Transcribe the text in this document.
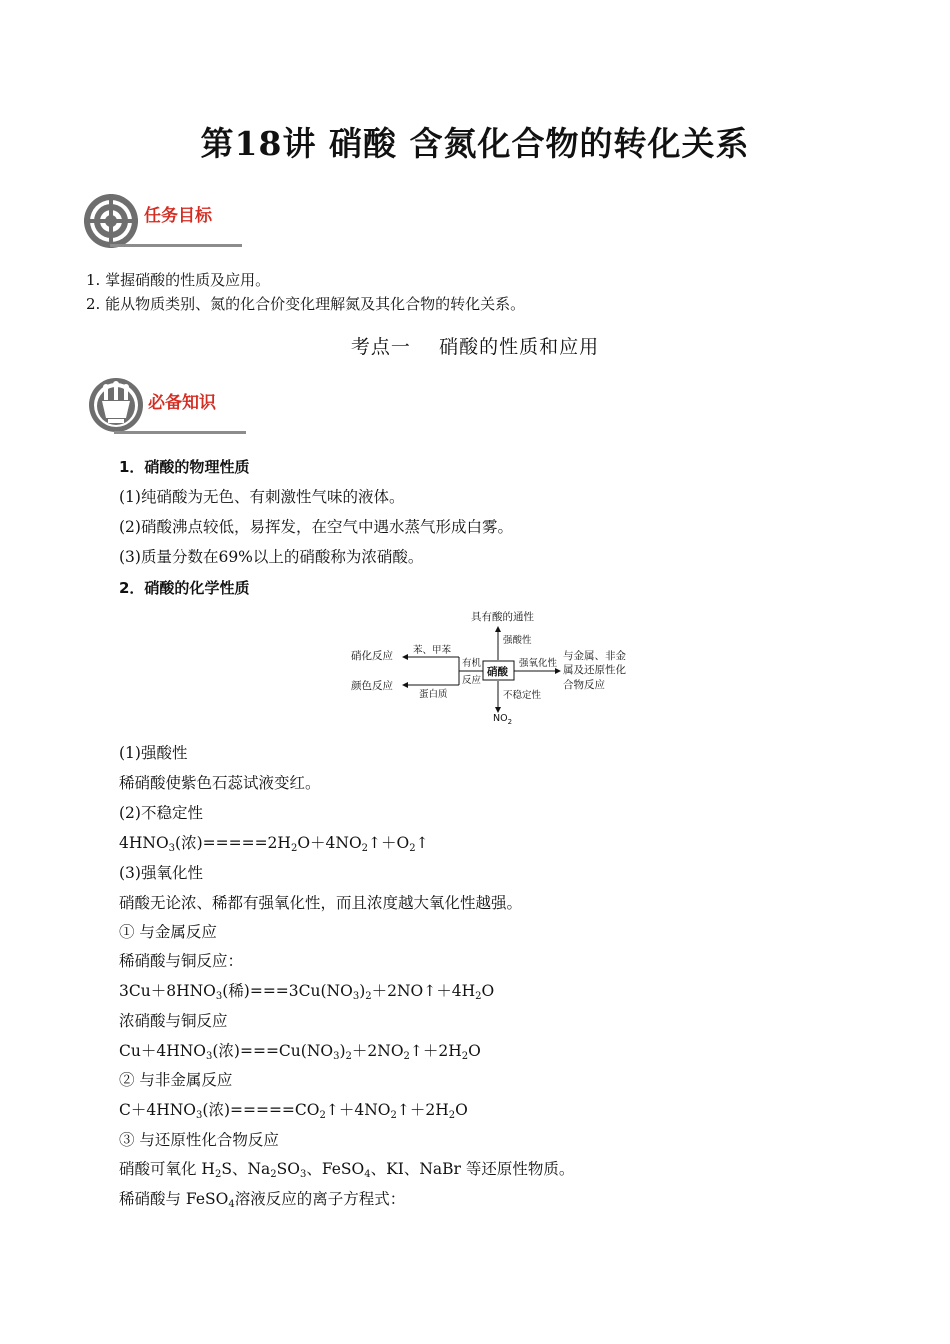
第18讲 硝酸 含氮化合物的转化关系
任务目标
1. 掌握硝酸的性质及应用。
2. 能从物质类别、氮的化合价变化理解氮及其化合物的转化关系。
考点一    硝酸的性质和应用
必备知识
1．硝酸的物理性质
(1)纯硝酸为无色、有刺激性气味的液体。
(2)硝酸沸点较低，易挥发，在空气中遇水蒸气形成白雾。
(3)质量分数在69%以上的硝酸称为浓硝酸。
2．硝酸的化学性质
具有酸的通性
强酸性
硝酸
硝化反应
颜色反应
苯、甲苯
蛋白质
有机
反应
强氧化性
与金属、非金
属及还原性化
合物反应
不稳定性
$NO_2$
(1)强酸性
稀硝酸使紫色石蕊试液变红。
(2)不稳定性
$4HNO_3$(浓)$=====2H_2O+4NO_2↑+O_2↑$
(3)强氧化性
硝酸无论浓、稀都有强氧化性，而且浓度越大氧化性越强。
① 与金属反应
稀硝酸与铜反应：
$3Cu+8HNO_3$(稀)$===3Cu(NO_3)_2+2NO↑+4H_2O$
浓硝酸与铜反应
$Cu+4HNO_3$(浓)$===Cu(NO_3)_2+2NO_2↑+2H_2O$
② 与非金属反应
$C+4HNO_3$(浓)$=====CO_2↑+4NO_2↑+2H_2O$
③ 与还原性化合物反应
硝酸可氧化 $H_2S$、$Na_2SO_3$、FeSO$_4$、KI、NaBr 等还原性物质。
稀硝酸与 FeSO$_4$溶液反应的离子方程式：
